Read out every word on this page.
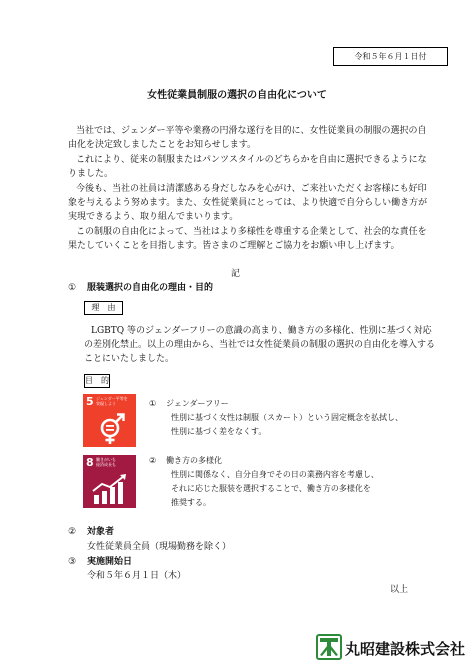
令和５年６月１日付
女性従業員制服の選択の自由化について
当社では、ジェンダー平等や業務の円滑な遂行を目的に、女性従業員の制服の選択の自
由化を決定致しましたことをお知らせします。
これにより、従来の制服またはパンツスタイルのどちらかを自由に選択できるようにな
りました。
今後も、当社の社員は清潔感ある身だしなみを心がけ、ご来社いただくお客様にも好印
象を与えるよう努めます。また、女性従業員にとっては、より快適で自分らしい働き方が
実現できるよう、取り組んでまいります。
この制服の自由化によって、当社はより多様性を尊重する企業として、社会的な責任を
果たしていくことを目指します。皆さまのご理解とご協力をお願い申し上げます。
記
① 服装選択の自由化の理由・目的
理　由
LGBTQ 等のジェンダーフリーの意識の高まり、働き方の多様化、性別に基づく対応
の差別化禁止。以上の理由から、当社では女性従業員の制服の選択の自由化を導入する
ことにいたしました。
目　的
5 ジェンダー平等を
実現しよう
8 働きがいも
経済成長も
① ジェンダーフリー
性別に基づく女性は制服（スカート）という固定概念を払拭し、
性別に基づく差をなくす。
② 働き方の多様化
性別に関係なく、自分自身でその日の業務内容を考慮し、
それに応じた服装を選択することで、働き方の多様化を
推奨する。
② 対象者
女性従業員全員（現場勤務を除く）
③ 実施開始日
令和５年６月１日（木）
以上
丸昭建設株式会社
